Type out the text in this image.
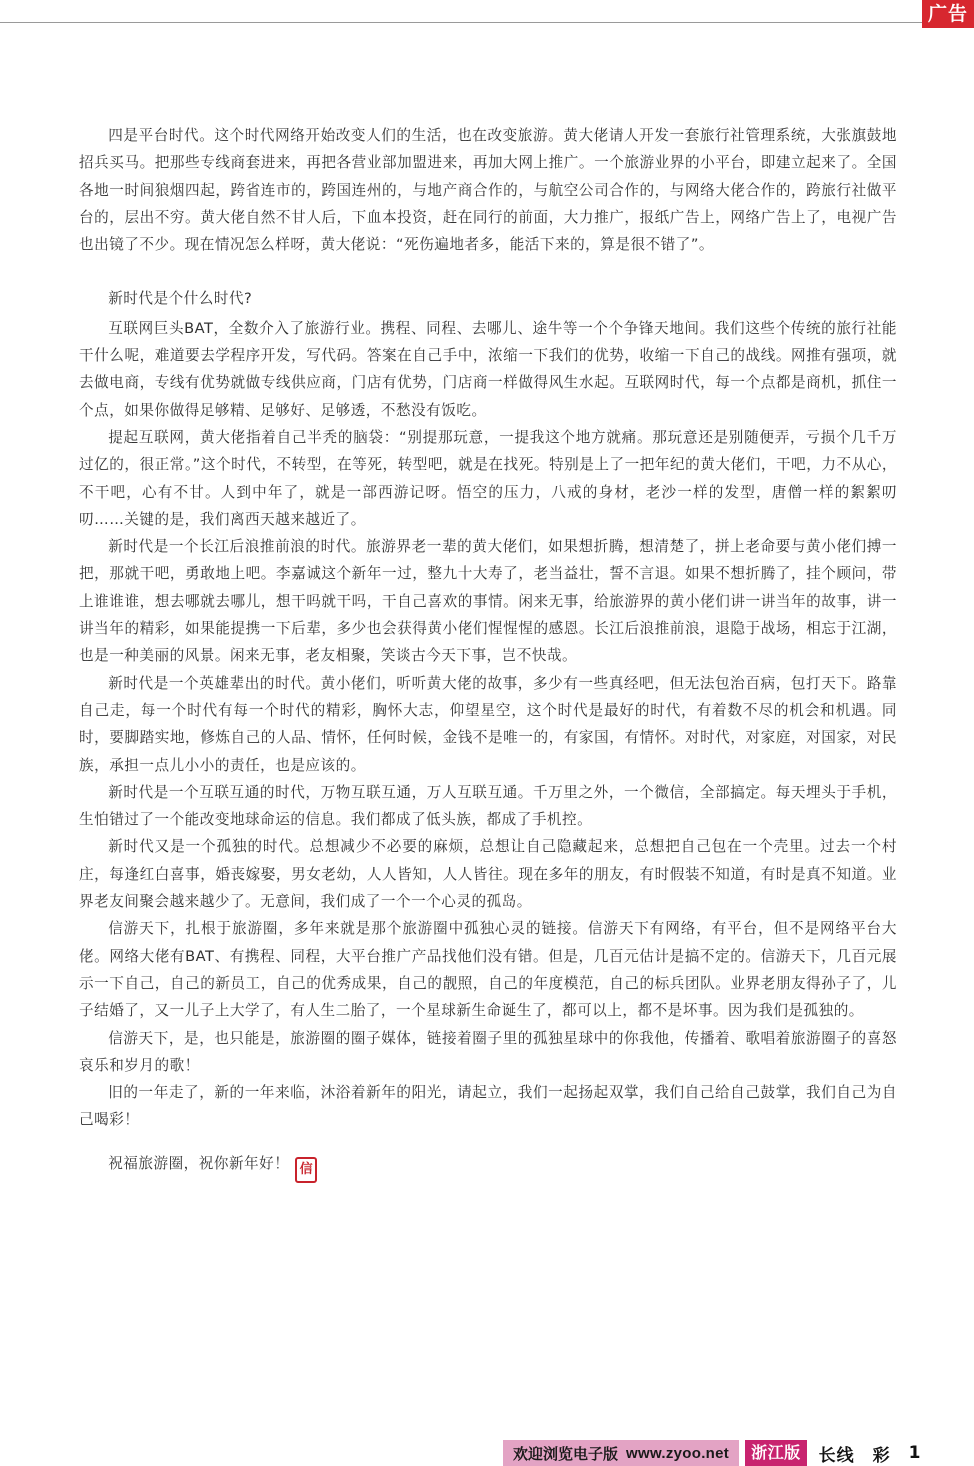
广告

四是平台时代。这个时代网络开始改变人们的生活，也在改变旅游。黄大佬请人开发一套旅行社管理系统，大张旗鼓地招兵买马。把那些专线商套进来，再把各营业部加盟进来，再加大网上推广。一个旅游业界的小平台，即建立起来了。全国各地一时间狼烟四起，跨省连市的，跨国连州的，与地产商合作的，与航空公司合作的，与网络大佬合作的，跨旅行社做平台的，层出不穷。黄大佬自然不甘人后，下血本投资，赶在同行的前面，大力推广，报纸广告上，网络广告上了，电视广告也出镜了不少。现在情况怎么样呀，黄大佬说：“死伤遍地者多，能活下来的，算是很不错了”。

新时代是个什么时代?

互联网巨头BAT，全数介入了旅游行业。携程、同程、去哪儿、途牛等一个个争锋天地间。我们这些个传统的旅行社能干什么呢，难道要去学程序开发，写代码。答案在自己手中，浓缩一下我们的优势，收缩一下自己的战线。网推有强项，就去做电商，专线有优势就做专线供应商，门店有优势，门店商一样做得风生水起。互联网时代，每一个点都是商机，抓住一个点，如果你做得足够精、足够好、足够透，不愁没有饭吃。

提起互联网，黄大佬指着自己半秃的脑袋：“别提那玩意，一提我这个地方就痛。那玩意还是别随便弄，亏损个几千万过亿的，很正常。”这个时代，不转型，在等死，转型吧，就是在找死。特别是上了一把年纪的黄大佬们，干吧，力不从心，不干吧，心有不甘。人到中年了，就是一部西游记呀。悟空的压力，八戒的身材，老沙一样的发型，唐僧一样的絮絮叨叨……关键的是，我们离西天越来越近了。

新时代是一个长江后浪推前浪的时代。旅游界老一辈的黄大佬们，如果想折腾，想清楚了，拼上老命要与黄小佬们搏一把，那就干吧，勇敢地上吧。李嘉诚这个新年一过，整九十大寿了，老当益壮，誓不言退。如果不想折腾了，挂个顾问，带上谁谁谁，想去哪就去哪儿，想干吗就干吗，干自己喜欢的事情。闲来无事，给旅游界的黄小佬们讲一讲当年的故事，讲一讲当年的精彩，如果能提携一下后辈，多少也会获得黄小佬们惺惺惺的感恩。长江后浪推前浪，退隐于战场，相忘于江湖，也是一种美丽的风景。闲来无事，老友相聚，笑谈古今天下事，岂不快哉。

新时代是一个英雄辈出的时代。黄小佬们，听听黄大佬的故事，多少有一些真经吧，但无法包治百病，包打天下。路靠自己走，每一个时代有每一个时代的精彩，胸怀大志，仰望星空，这个时代是最好的时代，有着数不尽的机会和机遇。同时，要脚踏实地，修炼自己的人品、情怀，任何时候，金钱不是唯一的，有家国，有情怀。对时代，对家庭，对国家，对民族，承担一点儿小小的责任，也是应该的。

新时代是一个互联互通的时代，万物互联互通，万人互联互通。千万里之外，一个微信，全部搞定。每天埋头于手机，生怕错过了一个能改变地球命运的信息。我们都成了低头族，都成了手机控。

新时代又是一个孤独的时代。总想减少不必要的麻烦，总想让自己隐藏起来，总想把自己包在一个壳里。过去一个村庄，每逢红白喜事，婚丧嫁娶，男女老幼，人人皆知，人人皆往。现在多年的朋友，有时假装不知道，有时是真不知道。业界老友间聚会越来越少了。无意间，我们成了一个一个心灵的孤岛。

信游天下，扎根于旅游圈，多年来就是那个旅游圈中孤独心灵的链接。信游天下有网络，有平台，但不是网络平台大佬。网络大佬有BAT、有携程、同程，大平台推广产品找他们没有错。但是，几百元估计是搞不定的。信游天下，几百元展示一下自己，自己的新员工，自己的优秀成果，自己的靓照，自己的年度模范，自己的标兵团队。业界老朋友得孙子了，儿子结婚了，又一儿子上大学了，有人生二胎了，一个星球新生命诞生了，都可以上，都不是坏事。因为我们是孤独的。

信游天下，是，也只能是，旅游圈的圈子媒体，链接着圈子里的孤独星球中的你我他，传播着、歌唱着旅游圈子的喜怒哀乐和岁月的歌！

旧的一年走了，新的一年来临，沐浴着新年的阳光，请起立，我们一起扬起双掌，我们自己给自己鼓掌，我们自己为自己喝彩！

祝福旅游圈，祝你新年好！ 信

欢迎浏览电子版 www.zyoo.net	浙江版	长线 彩 1
